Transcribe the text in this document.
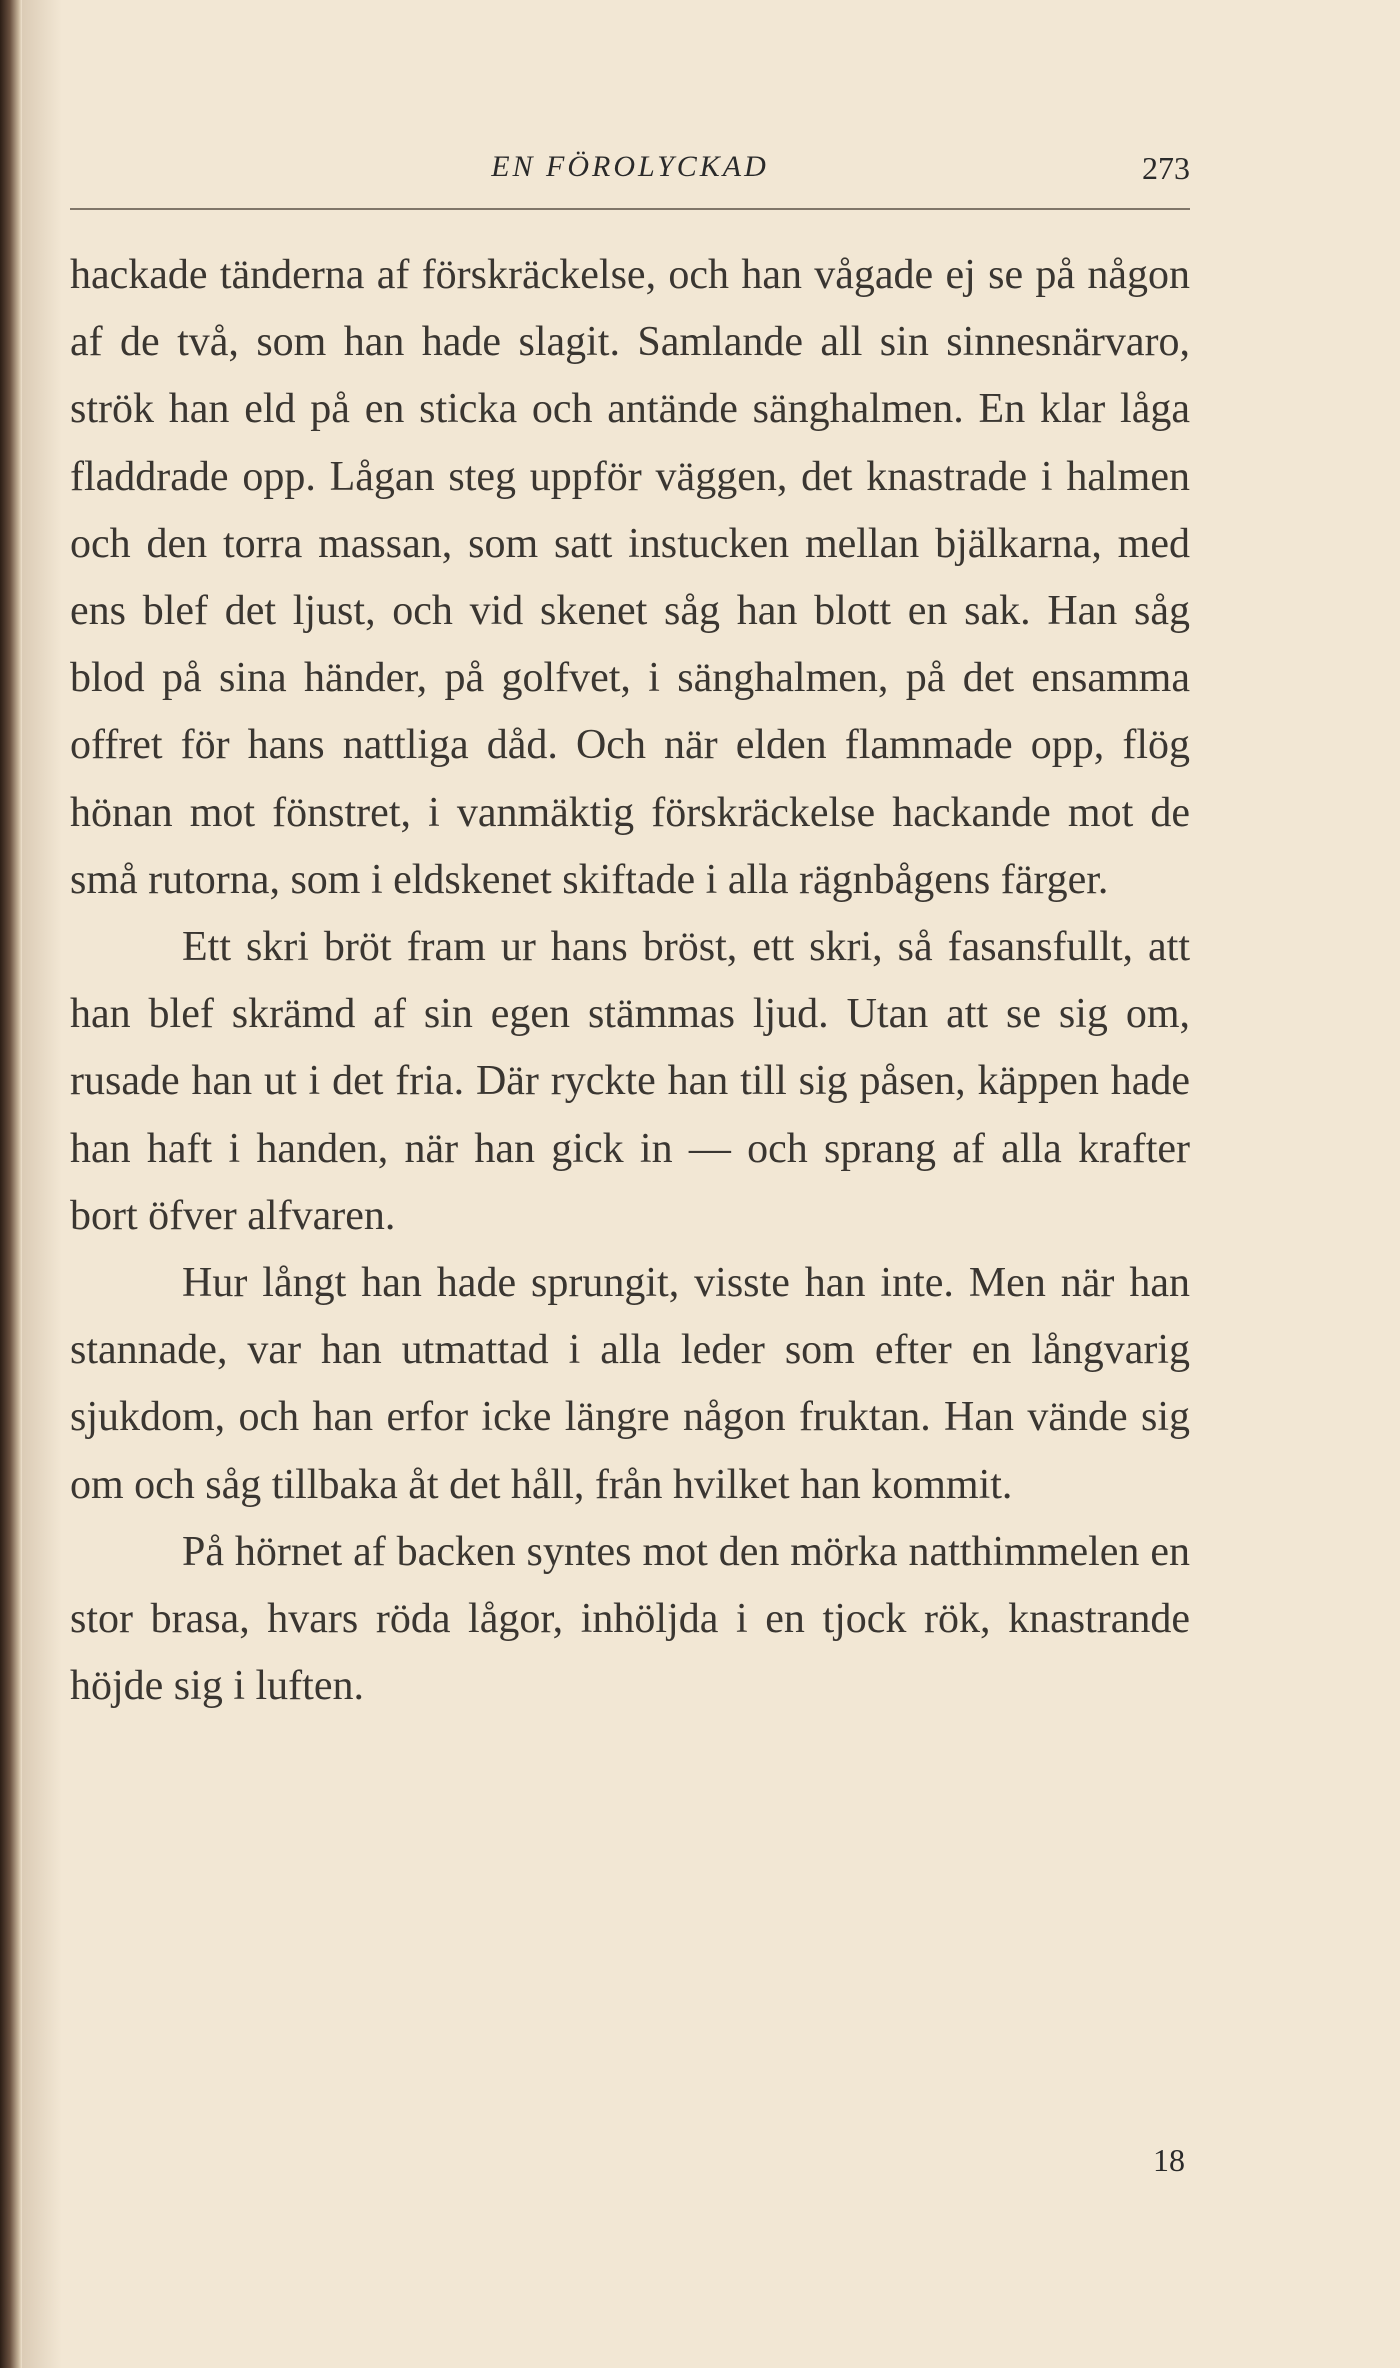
EN FÖROLYCKAD	273

hackade tänderna af förskräckelse, och han vågade ej se på någon af de två, som han hade slagit. Samlande all sin sinnesnärvaro, strök han eld på en sticka och antände sänghalmen. En klar låga fladdrade opp. Lågan steg uppför väggen, det knastrade i halmen och den torra massan, som satt instucken mellan bjälkarna, med ens blef det ljust, och vid skenet såg han blott en sak. Han såg blod på sina händer, på golfvet, i sänghalmen, på det ensamma offret för hans nattliga dåd. Och när elden flammade opp, flög hönan mot fönstret, i vanmäktig förskräckelse hackande mot de små rutorna, som i eldskenet skiftade i alla rägnbågens färger.

Ett skri bröt fram ur hans bröst, ett skri, så fasansfullt, att han blef skrämd af sin egen stämmas ljud. Utan att se sig om, rusade han ut i det fria. Där ryckte han till sig påsen, käppen hade han haft i handen, när han gick in — och sprang af alla krafter bort öfver alfvaren.

Hur långt han hade sprungit, visste han inte. Men när han stannade, var han utmattad i alla leder som efter en långvarig sjukdom, och han erfor icke längre någon fruktan. Han vände sig om och såg tillbaka åt det håll, från hvilket han kommit.

På hörnet af backen syntes mot den mörka natthimmelen en stor brasa, hvars röda lågor, inhöljda i en tjock rök, knastrande höjde sig i luften.

18
